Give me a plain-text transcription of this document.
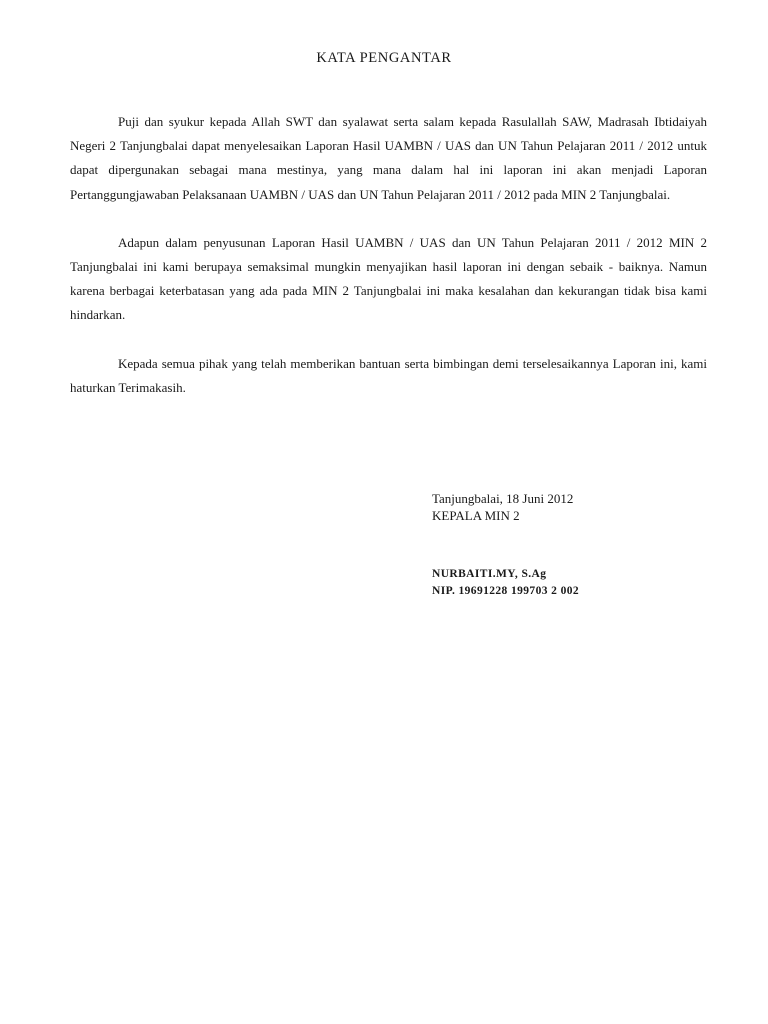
KATA PENGANTAR

Puji dan syukur kepada Allah SWT dan syalawat serta salam kepada Rasulallah SAW, Madrasah Ibtidaiyah Negeri 2 Tanjungbalai dapat menyelesaikan Laporan Hasil UAMBN / UAS dan UN Tahun Pelajaran 2011 / 2012 untuk dapat dipergunakan sebagai mana mestinya, yang mana dalam hal ini laporan ini akan menjadi Laporan Pertanggungjawaban Pelaksanaan UAMBN / UAS dan UN Tahun Pelajaran 2011 / 2012 pada MIN 2 Tanjungbalai.

Adapun dalam penyusunan Laporan Hasil UAMBN / UAS dan UN Tahun Pelajaran 2011 / 2012 MIN 2 Tanjungbalai ini kami berupaya semaksimal mungkin menyajikan hasil laporan ini dengan sebaik - baiknya. Namun karena berbagai keterbatasan yang ada pada MIN 2 Tanjungbalai ini maka kesalahan dan kekurangan tidak bisa kami hindarkan.

Kepada semua pihak yang telah memberikan bantuan serta bimbingan demi terselesaikannya Laporan ini, kami haturkan Terimakasih.

Tanjungbalai, 18 Juni 2012
KEPALA MIN 2
NURBAITI.MY, S.Ag
NIP. 19691228 199703 2 002
